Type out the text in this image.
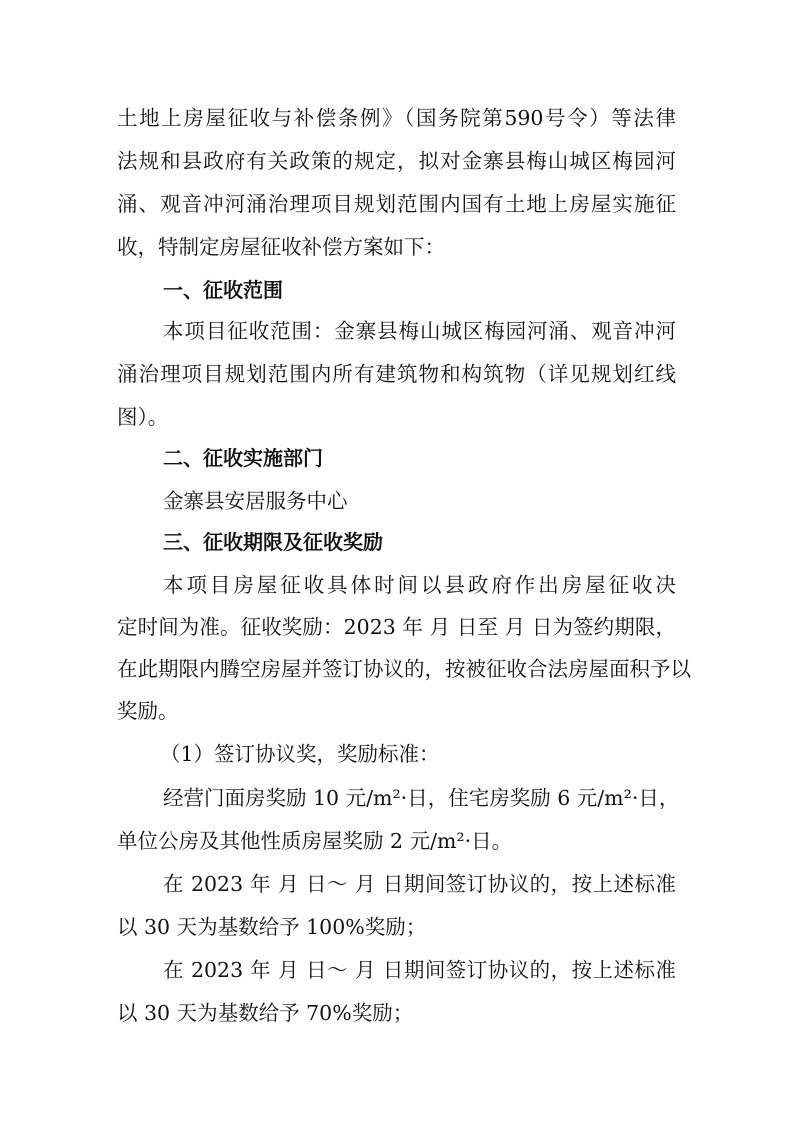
土地上房屋征收与补偿条例》（国务院第590号令）等法律
法规和县政府有关政策的规定，拟对金寨县梅山城区梅园河
涌、观音冲河涌治理项目规划范围内国有土地上房屋实施征
收，特制定房屋征收补偿方案如下：
一、征收范围
本项目征收范围：金寨县梅山城区梅园河涌、观音冲河
涌治理项目规划范围内所有建筑物和构筑物（详见规划红线
图）。
二、征收实施部门
金寨县安居服务中心
三、征收期限及征收奖励
本项目房屋征收具体时间以县政府作出房屋征收决
定时间为准。征收奖励：2023 年 月 日至 月 日为签约期限，
在此期限内腾空房屋并签订协议的，按被征收合法房屋面积予以
奖励。
（1）签订协议奖，奖励标准：
经营门面房奖励 10 元/m²·日，住宅房奖励 6 元/m²·日，
单位公房及其他性质房屋奖励 2 元/m²·日。
在 2023 年 月 日～ 月 日期间签订协议的，按上述标准
以 30 天为基数给予 100%奖励；
在 2023 年 月 日～ 月 日期间签订协议的，按上述标准
以 30 天为基数给予 70%奖励；
